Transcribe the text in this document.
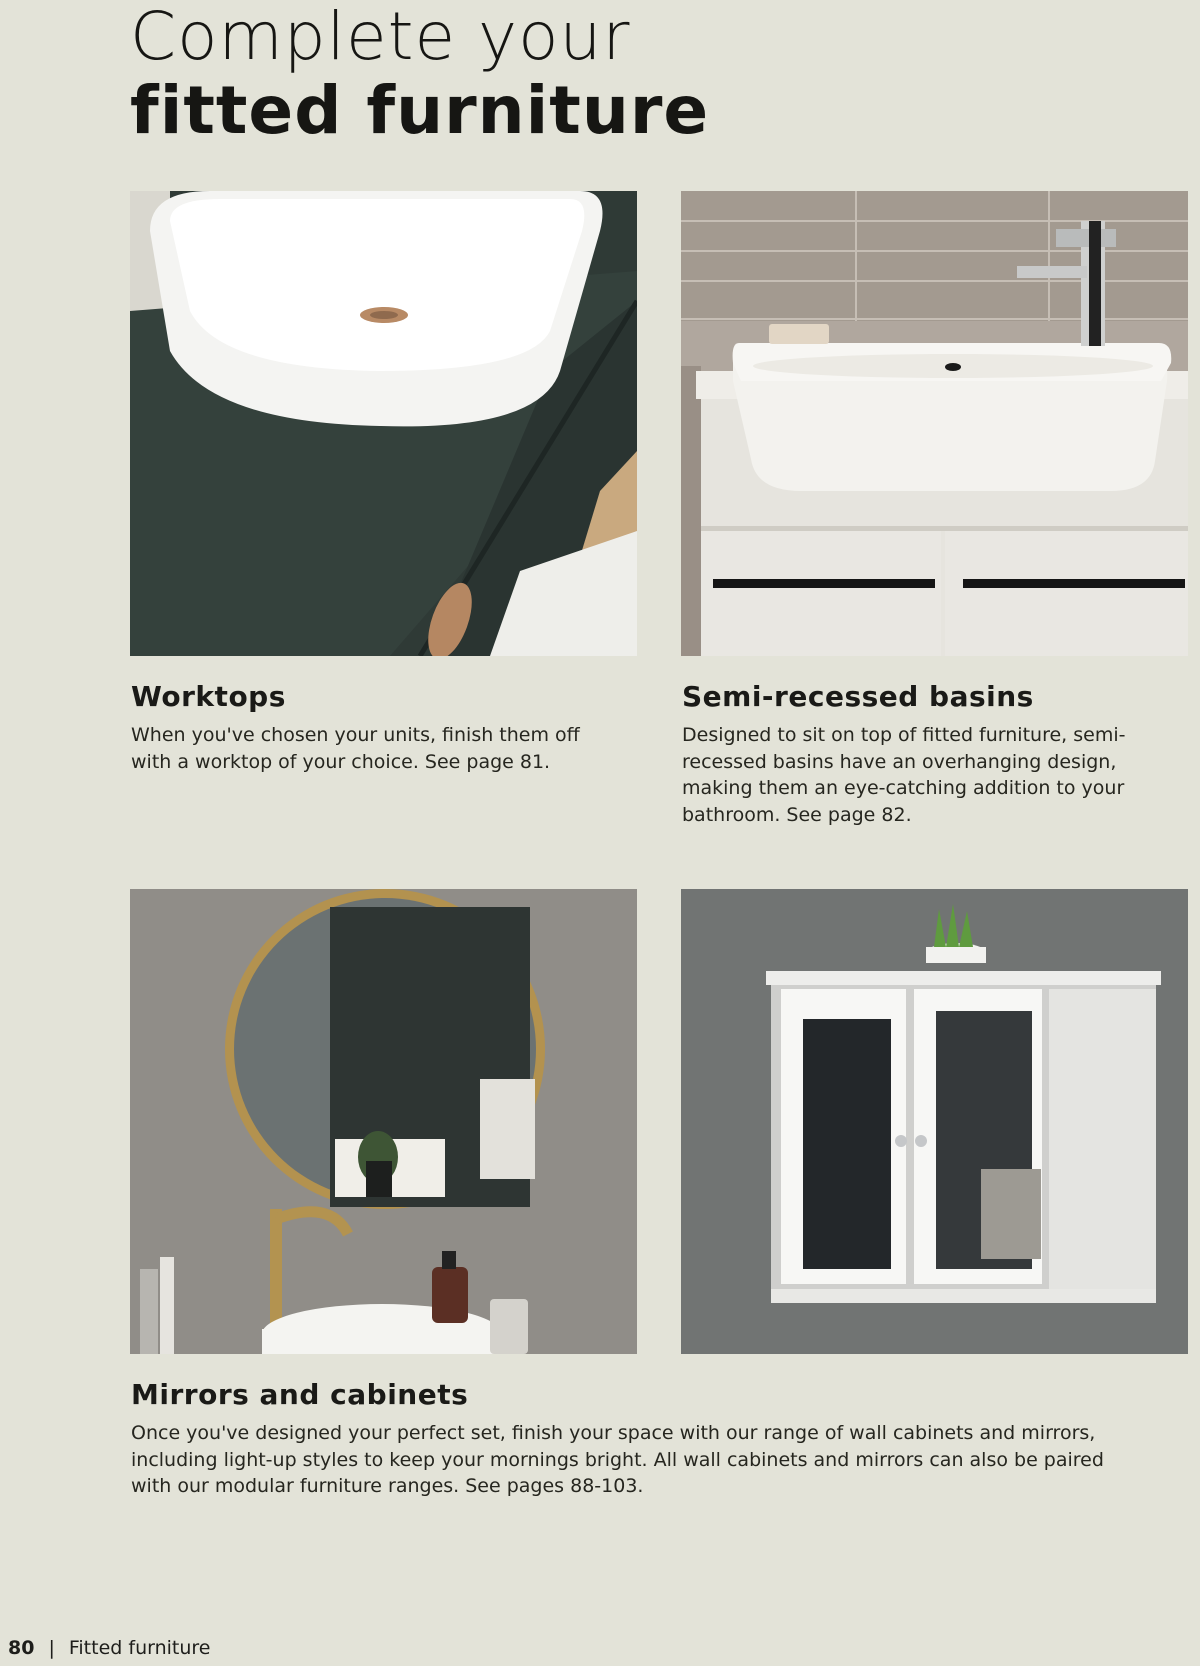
Complete your
fitted furniture
Worktops

When you've chosen your units, finish them off with a worktop of your choice. See page 81.

Semi-recessed basins

Designed to sit on top of fitted furniture, semi-recessed basins have an overhanging design, making them an eye-catching addition to your bathroom. See page 82.

Mirrors and cabinets

Once you've designed your perfect set, finish your space with our range of wall cabinets and mirrors, including light-up styles to keep your mornings bright. All wall cabinets and mirrors can also be paired with our modular furniture ranges. See pages 88-103.

80 | Fitted furniture
